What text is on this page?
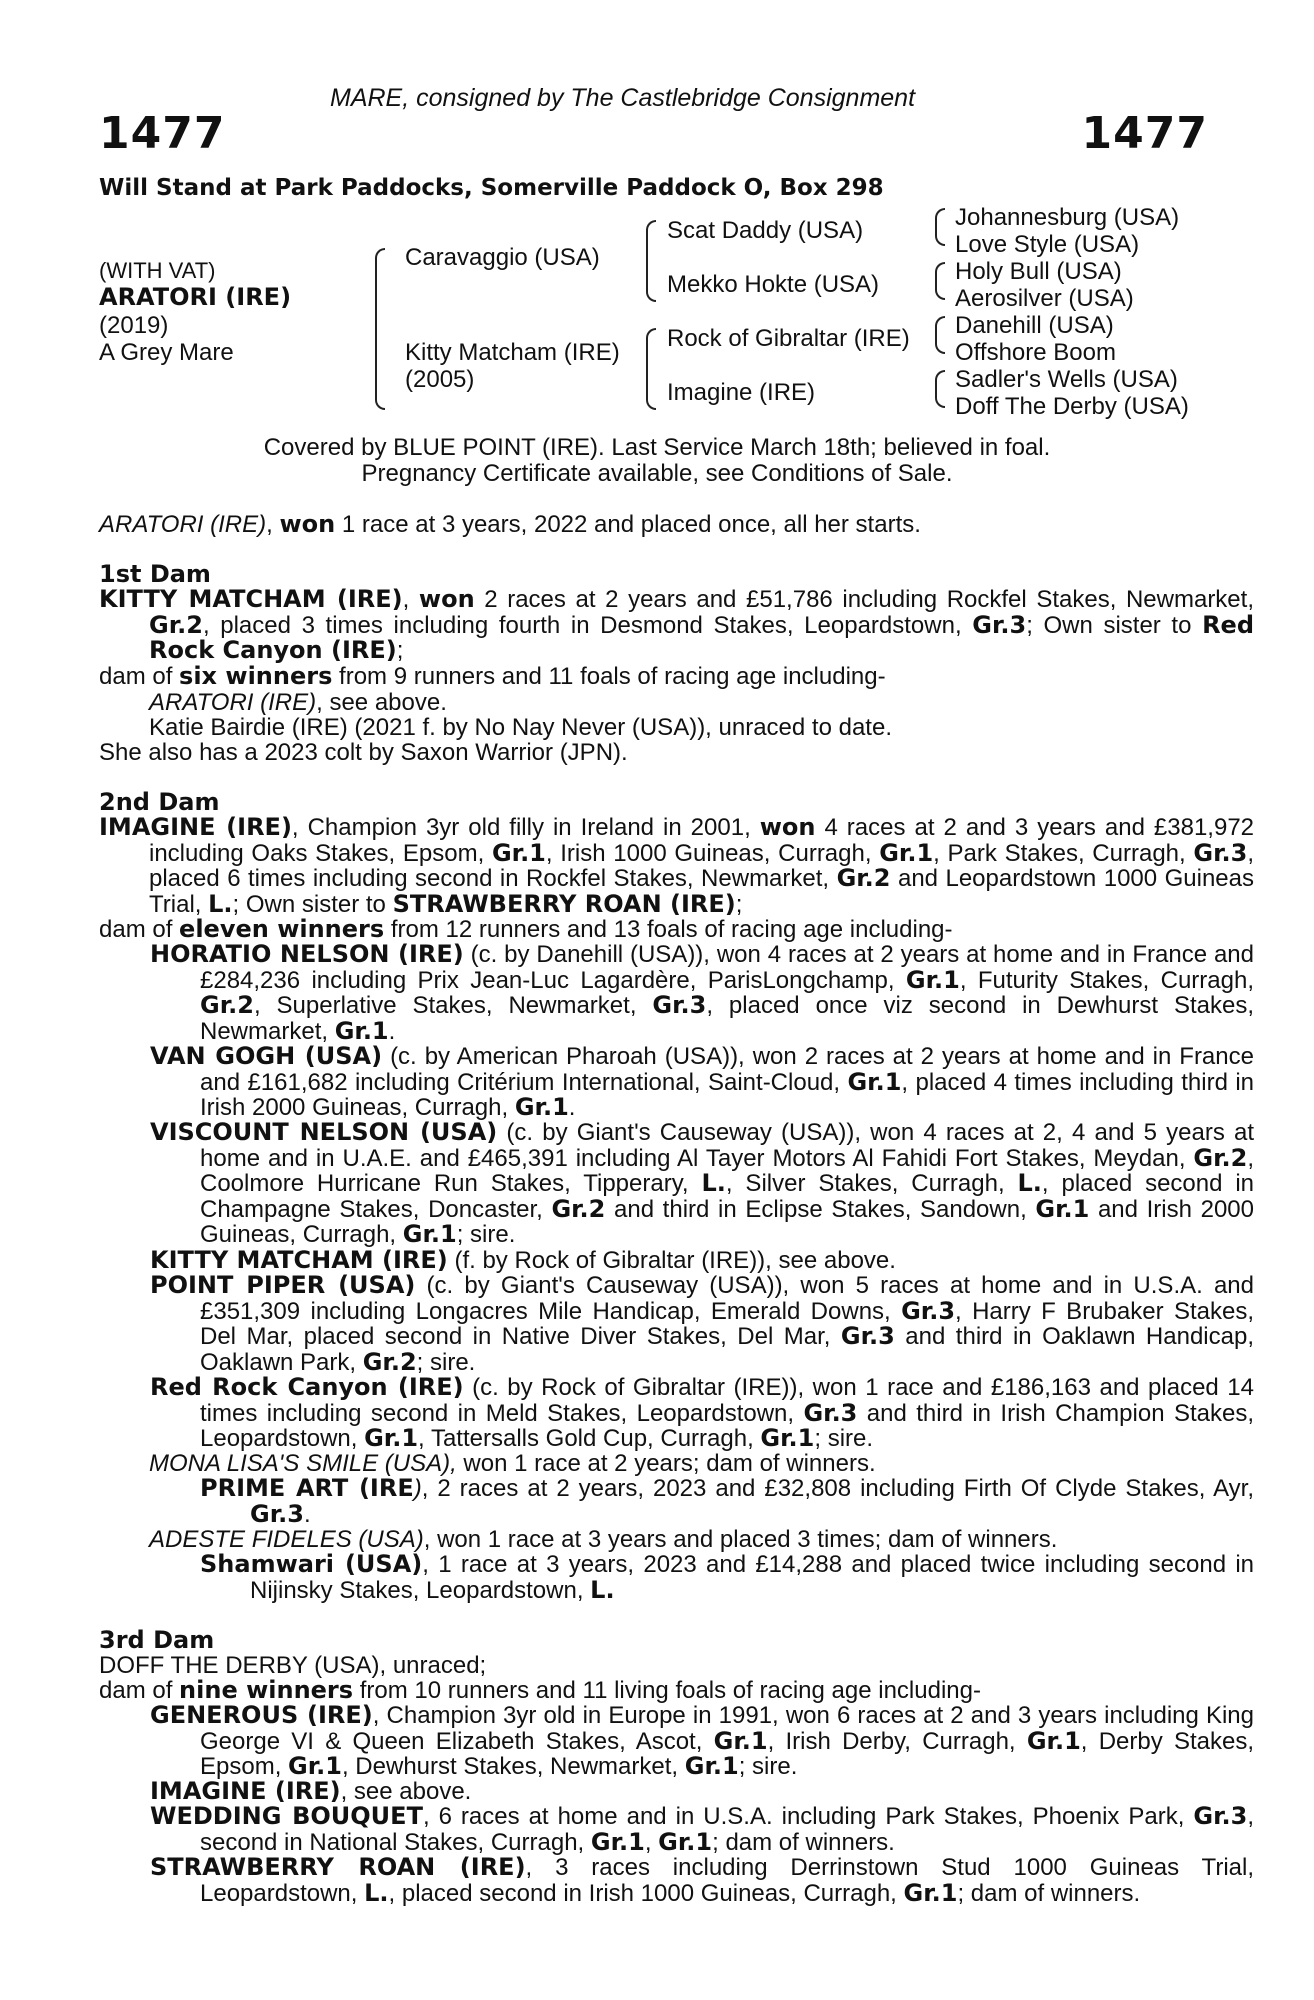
MARE, consigned by The Castlebridge Consignment
1477	1477
Will Stand at Park Paddocks, Somerville Paddock O, Box 298
(WITH VAT)
ARATORI (IRE)
(2019)
A Grey Mare
Caravaggio (USA)
Kitty Matcham (IRE)
(2005)
Scat Daddy (USA)
Mekko Hokte (USA)
Rock of Gibraltar (IRE)
Imagine (IRE)
Johannesburg (USA)
Love Style (USA)
Holy Bull (USA)
Aerosilver (USA)
Danehill (USA)
Offshore Boom
Sadler's Wells (USA)
Doff The Derby (USA)
Covered by BLUE POINT (IRE). Last Service March 18th; believed in foal.
Pregnancy Certificate available, see Conditions of Sale.
ARATORI (IRE), won 1 race at 3 years, 2022 and placed once, all her starts.
1st Dam
KITTY MATCHAM (IRE), won 2 races at 2 years and £51,786 including Rockfel Stakes, Newmarket, Gr.2, placed 3 times including fourth in Desmond Stakes, Leopardstown, Gr.3; Own sister to Red Rock Canyon (IRE);
dam of six winners from 9 runners and 11 foals of racing age including-
ARATORI (IRE), see above.
Katie Bairdie (IRE) (2021 f. by No Nay Never (USA)), unraced to date.
She also has a 2023 colt by Saxon Warrior (JPN).
2nd Dam
IMAGINE (IRE), Champion 3yr old filly in Ireland in 2001, won 4 races at 2 and 3 years and £381,972 including Oaks Stakes, Epsom, Gr.1, Irish 1000 Guineas, Curragh, Gr.1, Park Stakes, Curragh, Gr.3, placed 6 times including second in Rockfel Stakes, Newmarket, Gr.2 and Leopardstown 1000 Guineas Trial, L.; Own sister to STRAWBERRY ROAN (IRE);
dam of eleven winners from 12 runners and 13 foals of racing age including-
HORATIO NELSON (IRE) (c. by Danehill (USA)), won 4 races at 2 years at home and in France and £284,236 including Prix Jean-Luc Lagardère, ParisLongchamp, Gr.1, Futurity Stakes, Curragh, Gr.2, Superlative Stakes, Newmarket, Gr.3, placed once viz second in Dewhurst Stakes, Newmarket, Gr.1.
VAN GOGH (USA) (c. by American Pharoah (USA)), won 2 races at 2 years at home and in France and £161,682 including Critérium International, Saint-Cloud, Gr.1, placed 4 times including third in Irish 2000 Guineas, Curragh, Gr.1.
VISCOUNT NELSON (USA) (c. by Giant's Causeway (USA)), won 4 races at 2, 4 and 5 years at home and in U.A.E. and £465,391 including Al Tayer Motors Al Fahidi Fort Stakes, Meydan, Gr.2, Coolmore Hurricane Run Stakes, Tipperary, L., Silver Stakes, Curragh, L., placed second in Champagne Stakes, Doncaster, Gr.2 and third in Eclipse Stakes, Sandown, Gr.1 and Irish 2000 Guineas, Curragh, Gr.1; sire.
KITTY MATCHAM (IRE) (f. by Rock of Gibraltar (IRE)), see above.
POINT PIPER (USA) (c. by Giant's Causeway (USA)), won 5 races at home and in U.S.A. and £351,309 including Longacres Mile Handicap, Emerald Downs, Gr.3, Harry F Brubaker Stakes, Del Mar, placed second in Native Diver Stakes, Del Mar, Gr.3 and third in Oaklawn Handicap, Oaklawn Park, Gr.2; sire.
Red Rock Canyon (IRE) (c. by Rock of Gibraltar (IRE)), won 1 race and £186,163 and placed 14 times including second in Meld Stakes, Leopardstown, Gr.3 and third in Irish Champion Stakes, Leopardstown, Gr.1, Tattersalls Gold Cup, Curragh, Gr.1; sire.
MONA LISA'S SMILE (USA), won 1 race at 2 years; dam of winners.
PRIME ART (IRE), 2 races at 2 years, 2023 and £32,808 including Firth Of Clyde Stakes, Ayr, Gr.3.
ADESTE FIDELES (USA), won 1 race at 3 years and placed 3 times; dam of winners.
Shamwari (USA), 1 race at 3 years, 2023 and £14,288 and placed twice including second in Nijinsky Stakes, Leopardstown, L.
3rd Dam
DOFF THE DERBY (USA), unraced;
dam of nine winners from 10 runners and 11 living foals of racing age including-
GENEROUS (IRE), Champion 3yr old in Europe in 1991, won 6 races at 2 and 3 years including King George VI & Queen Elizabeth Stakes, Ascot, Gr.1, Irish Derby, Curragh, Gr.1, Derby Stakes, Epsom, Gr.1, Dewhurst Stakes, Newmarket, Gr.1; sire.
IMAGINE (IRE), see above.
WEDDING BOUQUET, 6 races at home and in U.S.A. including Park Stakes, Phoenix Park, Gr.3, second in National Stakes, Curragh, Gr.1, Gr.1; dam of winners.
STRAWBERRY ROAN (IRE), 3 races including Derrinstown Stud 1000 Guineas Trial, Leopardstown, L., placed second in Irish 1000 Guineas, Curragh, Gr.1; dam of winners.
